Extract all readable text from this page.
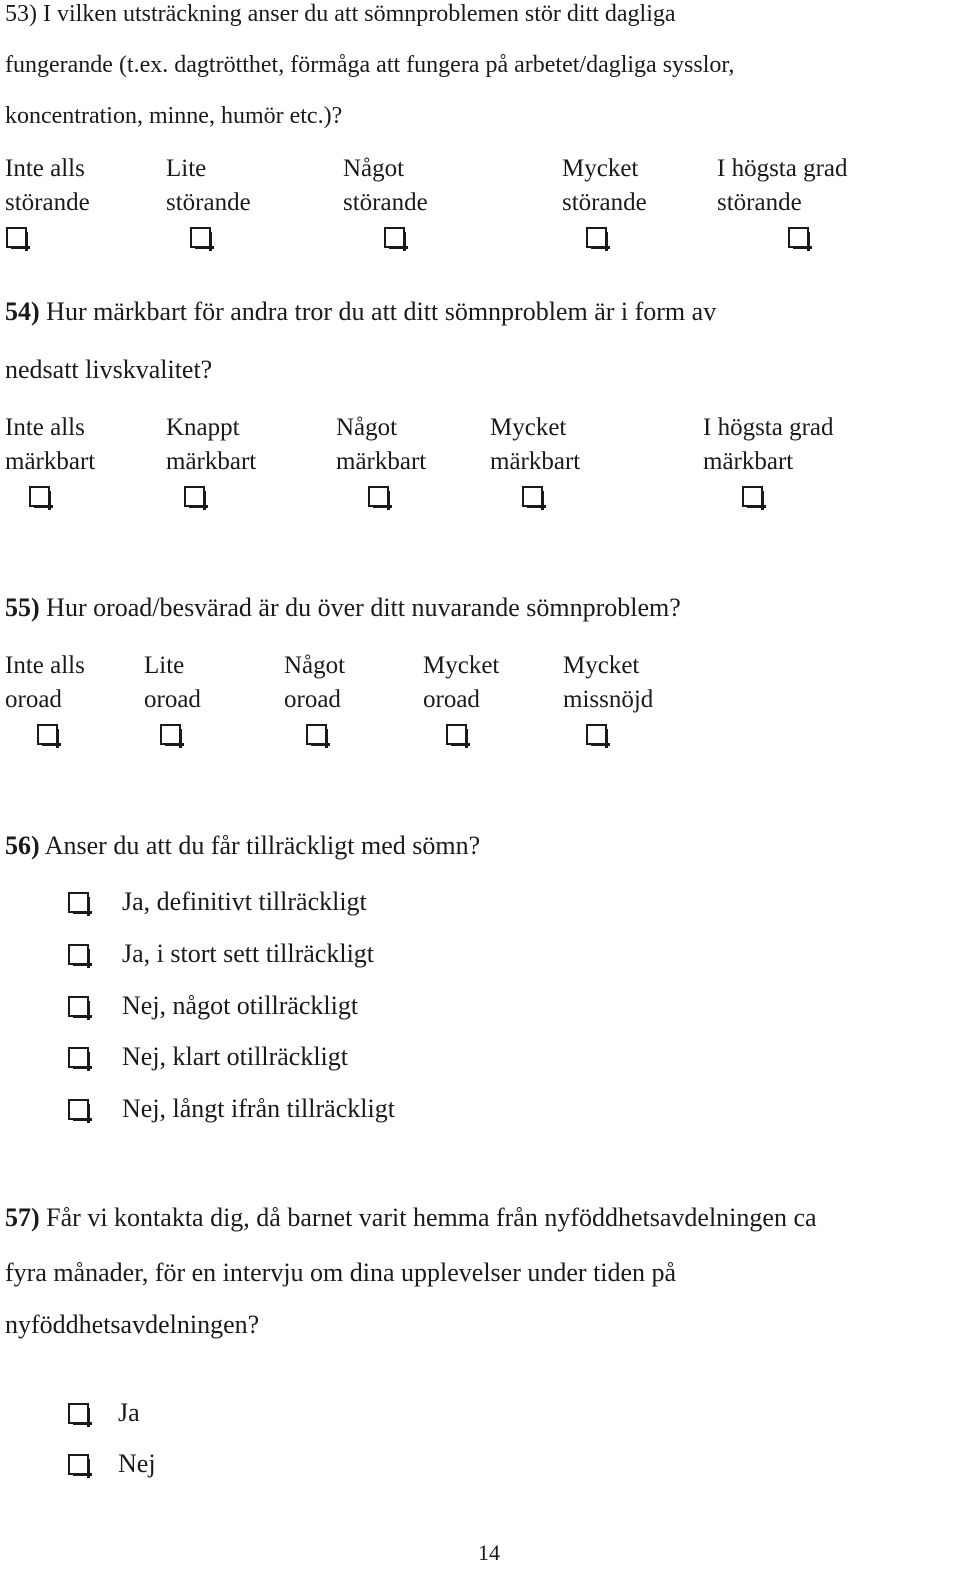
53) I vilken utsträckning anser du att sömnproblemen stör ditt dagliga
fungerande (t.ex. dagtrötthet, förmåga att fungera på arbetet/dagliga sysslor,
koncentration, minne, humör etc.)?
Inte alls
störande
Lite
störande
Något
störande
Mycket
störande
I högsta grad
störande
54) Hur märkbart för andra tror du att ditt sömnproblem är i form av
nedsatt livskvalitet?
Inte alls
märkbart
Knappt
märkbart
Något
märkbart
Mycket
märkbart
I högsta grad
märkbart
55) Hur oroad/besvärad är du över ditt nuvarande sömnproblem?
Inte alls
oroad
Lite
oroad
Något
oroad
Mycket
oroad
Mycket
missnöjd
56) Anser du att du får tillräckligt med sömn?
Ja, definitivt tillräckligt
Ja, i stort sett tillräckligt
Nej, något otillräckligt
Nej, klart otillräckligt
Nej, långt ifrån tillräckligt
57) Får vi kontakta dig, då barnet varit hemma från nyföddhetsavdelningen ca
fyra månader, för en intervju om dina upplevelser under tiden på
nyföddhetsavdelningen?
Ja
Nej
14
